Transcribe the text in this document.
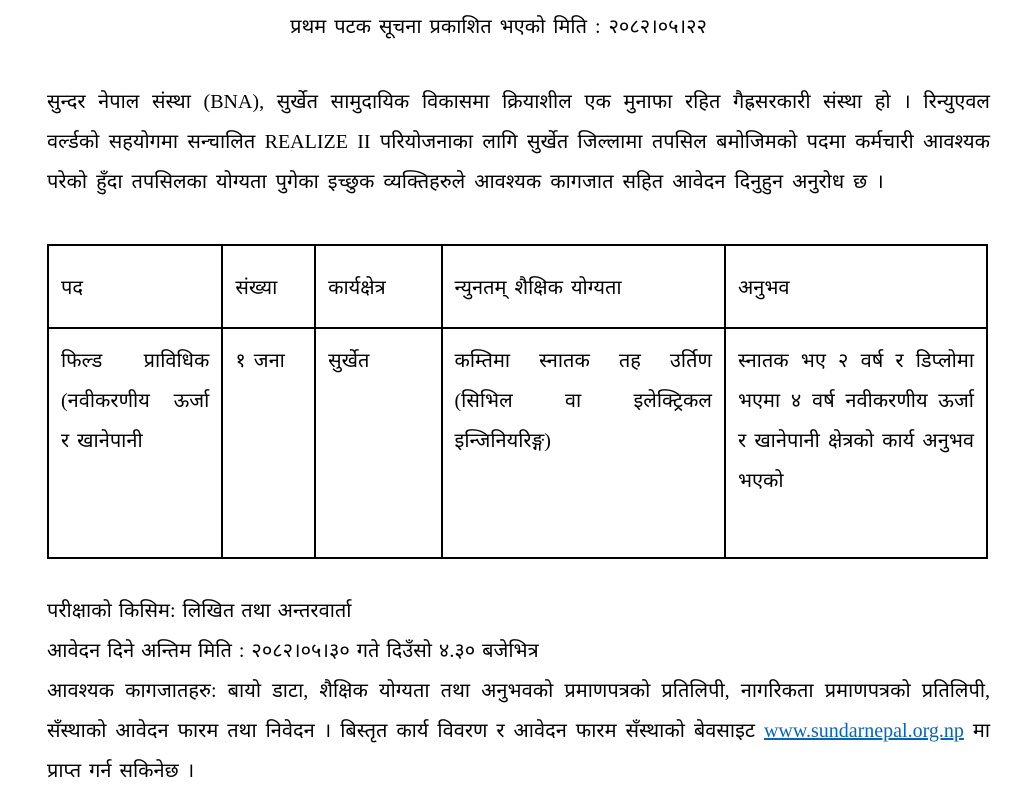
प्रथम पटक सूचना प्रकाशित भएको मिति : २०८२।०५।२२

सुन्दर नेपाल संस्था (BNA), सुर्खेत सामुदायिक विकासमा क्रियाशील एक मुनाफा रहित गैह्रसरकारी संस्था हो । रिन्युएवल वर्ल्डको सहयोगमा सन्चालित REALIZE II परियोजनाका लागि सुर्खेत जिल्लामा तपसिल बमोजिमको पदमा कर्मचारी आवश्यक परेको हुँदा तपसिलका योग्यता पुगेका इच्छुक व्यक्तिहरुले आवश्यक कागजात सहित आवेदन दिनुहुन अनुरोध छ ।

पद	संख्या	कार्यक्षेत्र	न्युनतम् शैक्षिक योग्यता	अनुभव
फिल्ड प्राविधिक (नवीकरणीय ऊर्जा र खानेपानी	१ जना	सुर्खेत	कम्तिमा स्नातक तह उर्तिण (सिभिल वा इलेक्ट्रिकल इन्जिनियरिङ्ग)	स्नातक भए २ वर्ष र डिप्लोमा भएमा ४ वर्ष नवीकरणीय ऊर्जा र खानेपानी क्षेत्रको कार्य अनुभव भएको

परीक्षाको किसिम: लिखित तथा अन्तरवार्ता

आवेदन दिने अन्तिम मिति : २०८२।०५।३० गते दिउँसो ४.३० बजेभित्र

आवश्यक कागजातहरु: बायो डाटा, शैक्षिक योग्यता तथा अनुभवको प्रमाणपत्रको प्रतिलिपी, नागरिकता प्रमाणपत्रको प्रतिलिपी, सँस्थाको आवेदन फारम तथा निवेदन । बिस्तृत कार्य विवरण र आवेदन फारम सँस्थाको बेवसाइट www.sundarnepal.org.np मा प्राप्त गर्न सकिनेछ ।
